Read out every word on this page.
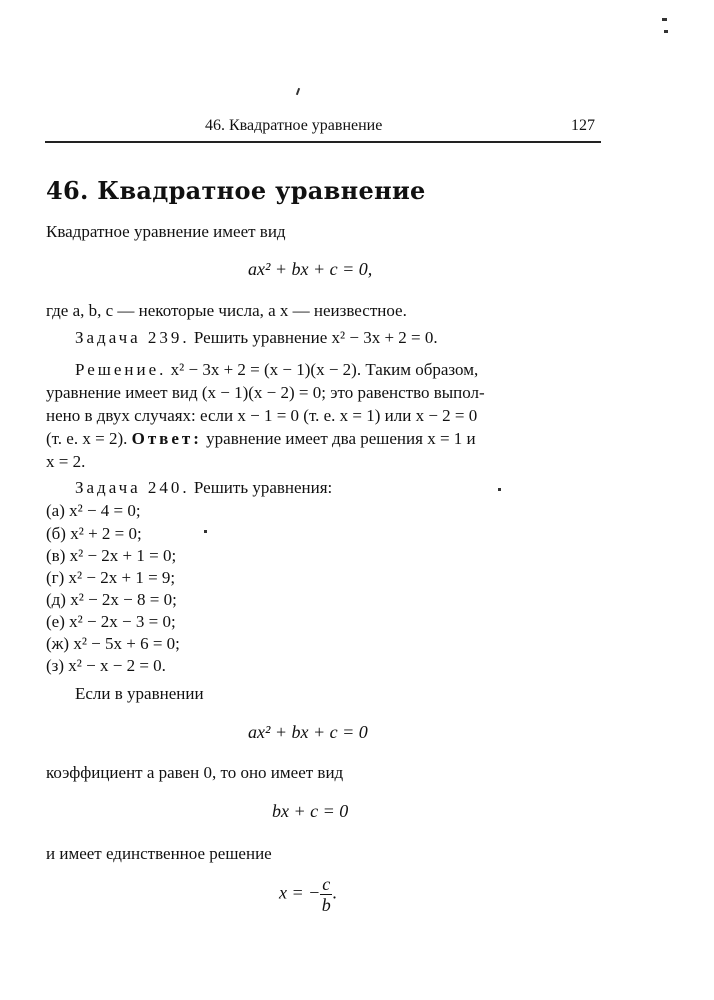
46. Квадратное уравнение	127
46. Квадратное уравнение
Квадратное уравнение имеет вид
ax² + bx + c = 0,
где a, b, c — некоторые числа, а x — неизвестное.
Задача 239. Решить уравнение x² − 3x + 2 = 0.
Решение. x² − 3x + 2 = (x − 1)(x − 2). Таким образом,
уравнение имеет вид (x − 1)(x − 2) = 0; это равенство выпол-
нено в двух случаях: если x − 1 = 0 (т. е. x = 1) или x − 2 = 0
(т. е. x = 2). Ответ: уравнение имеет два решения x = 1 и
x = 2.
Задача 240. Решить уравнения:
(а) x² − 4 = 0;
(б) x² + 2 = 0;
(в) x² − 2x + 1 = 0;
(г) x² − 2x + 1 = 9;
(д) x² − 2x − 8 = 0;
(е) x² − 2x − 3 = 0;
(ж) x² − 5x + 6 = 0;
(з) x² − x − 2 = 0.
Если в уравнении
ax² + bx + c = 0
коэффициент a равен 0, то оно имеет вид
bx + c = 0
и имеет единственное решение
x = − $\frac{c}{b}$ .
